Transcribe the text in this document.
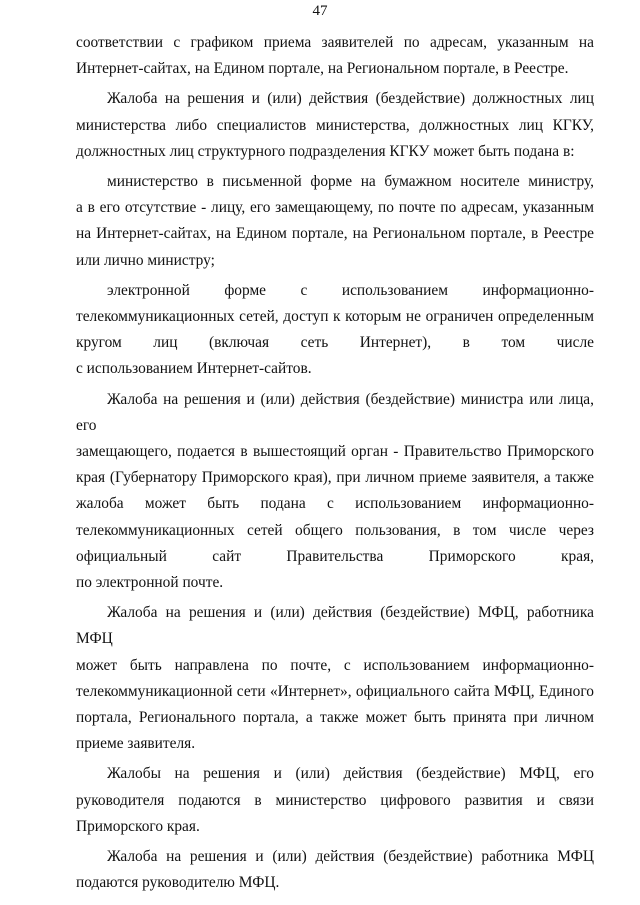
47
соответствии с графиком приема заявителей по адресам, указанным на
Интернет-сайтах, на Едином портале, на Региональном портале, в Реестре.
Жалоба на решения и (или) действия (бездействие) должностных лиц
министерства либо специалистов министерства, должностных лиц КГКУ,
должностных лиц структурного подразделения КГКУ может быть подана в:
министерство в письменной форме на бумажном носителе министру,
а в его отсутствие - лицу, его замещающему, по почте по адресам, указанным
на Интернет-сайтах, на Едином портале, на Региональном портале, в Реестре
или лично министру;
электронной форме с использованием информационно-
телекоммуникационных сетей, доступ к которым не ограничен определенным
кругом лиц (включая сеть Интернет), в том числе
с использованием Интернет-сайтов.
Жалоба на решения и (или) действия (бездействие) министра или лица, его
замещающего, подается в вышестоящий орган - Правительство Приморского
края (Губернатору Приморского края), при личном приеме заявителя, а также
жалоба может быть подана с использованием информационно-
телекоммуникационных сетей общего пользования, в том числе через
официальный сайт Правительства Приморского края,
по электронной почте.
Жалоба на решения и (или) действия (бездействие) МФЦ, работника МФЦ
может быть направлена по почте, с использованием информационно-
телекоммуникационной сети «Интернет», официального сайта МФЦ, Единого
портала, Регионального портала, а также может быть принята при личном
приеме заявителя.
Жалобы на решения и (или) действия (бездействие) МФЦ, его
руководителя подаются в министерство цифрового развития и связи
Приморского края.
Жалоба на решения и (или) действия (бездействие) работника МФЦ
подаются руководителю МФЦ.
